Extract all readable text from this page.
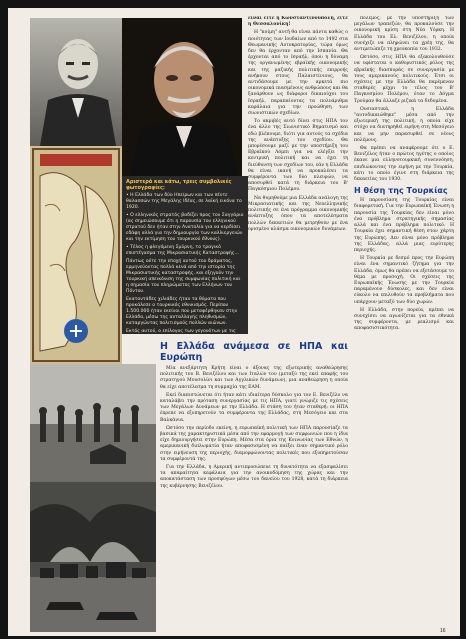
είναι είτε η Κωνσταντινούπολη, είτε η Θεσσαλονίκη!

Η "κοίμη" αυτή θα είναι πάντα καθώς ο ποιότητας των Ιουδαίων από το 1492 στα Θεωμανικής Αυτοκρατορίας, τώρα όμως δεν θα έρχονταν από την Ισπανία. Θα έρχονται από το Ισραήλ, όπου η δύναμη της οργανωμένης εβραϊκής οικονομικής και της μαζικής πολιτικής επιρροής ανήκουν στους Παλαιστίνιους, θα αντιδάσουμε με την αρκετά πιο οικονομικά πιασμένους ανθρώπους και θα ξανάρθουν ως διάφοροι δικαιούχοι του Ισραήλ, παραπαίοντας τα πολυάριθμα κεφάλαια για την προώθηση των σιωνιστικών σχεδίων.

Το ακριβές αυτό δίνει στις ΗΠΑ τον ένα άλλο της Σιωνιστικό Βηματισμό και εδώ βλέπουμε, διότι για αυτούς τα σχέδια της ανάπτυξης του σχεδίου. Θα μπορέσουμε μαζί με την υποστήριξη του Εβραϊκού Λόμπι για να ελέγξει την κεντρική πολιτική και να έχει τη διεύθυνση των σχεδίων του, εάν η Ελλάδα θα είναι ικανή να προκαλέσει τα συμφέροντα των δύο πλευρών, να αποσυρθεί κατά τη διάρκεια του Β' Παγκόσμιου Πολέμου.

Να θυμηθούμε μια Ελλάδα ανάλογη της Μικρασιατικής και της Νεοελληνικής πολιτικής σε ένα πρόγραμμα οικονομικής ανάπτυξης όπου τα αποτελέσματα πολλών δεκαετιών θα μετρηθούν με ένα ορισμένο κλάσμα οικονομικών δυνάμεων.

πόλεμος, με την υποστήριξη των μεγάλων τραπεζών, θα προκαλούσε την οικονομική κρίση στη Νέα Υόρκη. Η Ελλάδα του Ελ. Βενιζέλου, η οποία συνέχιζε να πληρώνει τα χρέη της, θα αντιμετώπιζε τη χρεοκοπία του 1932.

Ωστόσο, στις ΗΠΑ θα εξακολουθούσε να υφίσταται ο καθοριστικός ρόλος της εβραϊκής διασποράς σε συνεργασία με τους αμερικανούς πολιτικούς. Έτσι οι σχέσεις με την Ελλάδα θα παρέμεναν σταθερές μέχρι το τέλος του Β' Παγκοσμίου Πολέμου, όταν το Δόγμα Τρούμαν θα άλλαζε ριζικά τα δεδομένα.

Ουσιαστικά, η Ελλάδα "αυτοδικαιώθηκε" μέσα από την εξωτερική της πολιτική, η οποία είχε στόχο να διατηρηθεί ειρήνη στη Μεσόγειο και να μην παρασυρθεί σε νέους πολέμους.

Θα πρέπει να αναφέρουμε ότι ο Ε. Βενιζέλος ήταν ο πρώτος ηγέτης ο οποίος έκανε μια ελληνοτουρκική συνεννόηση, επιδιώκοντας την ειρήνη με την Τουρκία, κάτι το οποίο έγινε στη διάρκεια της δεκαετίας του 1930.

Η θέση της Τουρκίας

Η παρουσίαση της Τουρκίας είναι διαφορετική. Για την Ευρωπαϊκή Ένωση η παρουσία της Τουρκίας δεν είναι μόνο ένα πρόβλημα στρατηγικής σημασίας αλλά και ένα πρόβλημα πολιτικό. Η Τουρκία έχει σημαντική θέση στον χάρτη της Ευρώπης. Δεν είναι μόνο πρόβλημα της Ελλάδας, αλλά μιας ευρύτερης περιοχής.

Η Τουρκία με δεσμό προς την Ευρώπη είναι ένα σημαντικό ζήτημα για την Ελλάδα, όμως θα πρέπει να εξετάσουμε το θέμα με προσοχή. Οι σχέσεις της Ευρωπαϊκής Ένωσης με την Τουρκία παραμένουν δύσκολες, και δεν είναι εύκολο να επιλυθούν τα προβλήματα που υπάρχουν μεταξύ των δύο χωρών.

Η Ελλάδα, στην πορεία, πρέπει να συνεχίσει να αγωνίζεται για τα εθνικά της συμφέροντα, με ρεαλισμό και αποφασιστικότητα.

Αριστερά και κάτω, τρεις συμβολικές φωτογραφίες:

• Η Ελλάδα των δύο Ηπείρων και των πέντε θαλασσών της Μεγάλης Ιδέας, σε λαϊκή εικόνα το 1920.

• Ο ελληνικός στρατός βαδίζει προς τον Σαγγάριο (ας σημειώσουμε ότι η παρουσία του ελληνικού στρατού δεν ήταν στην Ανατολία για να κερδίσει εδάφη αλλά για την δημιουργία των καλλιεργειών και την εκτίμηση του τουρκικού έθνους).

• Τέλος η φλεγόμενη Σμύρνη, το τραγικό επιστέγασμα της Μικρασιατικής Καταστροφής...

Πάντως ούτε την εποχή αυτού του δράματος, ερμηνεύοντας πολλά κενά από την ιστορία της Μικρασιατικής καταστροφής, και εξηγούν την τουρκική απεικόνιση της συμφωνίας πολιτική και η σημασία του πληρώματος των Ελλήνων του Πόντου.

Εκατοντάδες χιλιάδες ήταν τα θύματα που προκάλεσε ο τουρκικός εθνικισμός. Περίπου 1.500.000 ήταν εκείνοι που μεταφέρθηκαν στην Ελλάδα, μέσω της ανταλλαγής πληθυσμών, καταργώντας πολιτισμούς πολλών αιώνων.

Εκτός αυτού, ο επίλογος των γεγονότων με τις

Η Ελλάδα ανάμεσα σε ΗΠΑ και Ευρώπη

Μία ανεξάρτητη Κρήτη είναι ο άξονας της εξωτερικής αναθεώρησης πολιτικής του Β. Βενιζέλου και των Ιταλών του (μεταξύ της εκεί επαφής του στρατηγού Μουσολίνι και των Αγγλικών δυνάμεων), μια αναθεώρηση η οποία θα είχε αποτέλεσμα τη συμμαχία της ΕΑΜ.

Εκεί διαπιστώνεται ότι ήταν κάτι ιδιαίτερα δύσκολο για τον Ε. Βενιζέλο να καταλάβει την πρόταση συνεργασίας με τις ΗΠΑ, γιατί γνώριζε τις σχέσεις των Μεγάλων Δυνάμεων με την Ελλάδα. Η στάση του ήταν σταθερή: οι ΗΠΑ έπρεπε να εξυπηρετούν τα συμφέροντα της Ελλάδας, στη Μεσόγειο και στα Βαλκάνια.

Ωστόσο την περίοδο εκείνη, η ευρωπαϊκή πολιτική των ΗΠΑ παρουσίαζε τα βασικά της χαρακτηριστικά μέσα από την εφαρμογή των συμφωνιών που η ίδια είχε δημιουργήσει στην Ευρώπη. Μέσα στα όρια της Κοινωνίας των Εθνών, η αμερικανική διπλωματία ήταν αποφασισμένη να παίξει έναν σημαντικό ρόλο στην ειρήνευση της περιοχής, διαμορφώνοντας πολιτικές που εξυπηρετούσαν τα συμφέροντά της.

Για την Ελλάδα, η Αμερική αντιπροσώπευε τη δυνατότητα να εξασφαλίσει τα απαραίτητα κεφάλαια για την ανοικοδόμηση της χώρας και την αποκατάσταση των προσφύγων μέσω του δανείου του 1928, κατά τη διάρκεια της κυβέρνησης Βενιζέλου.

16
